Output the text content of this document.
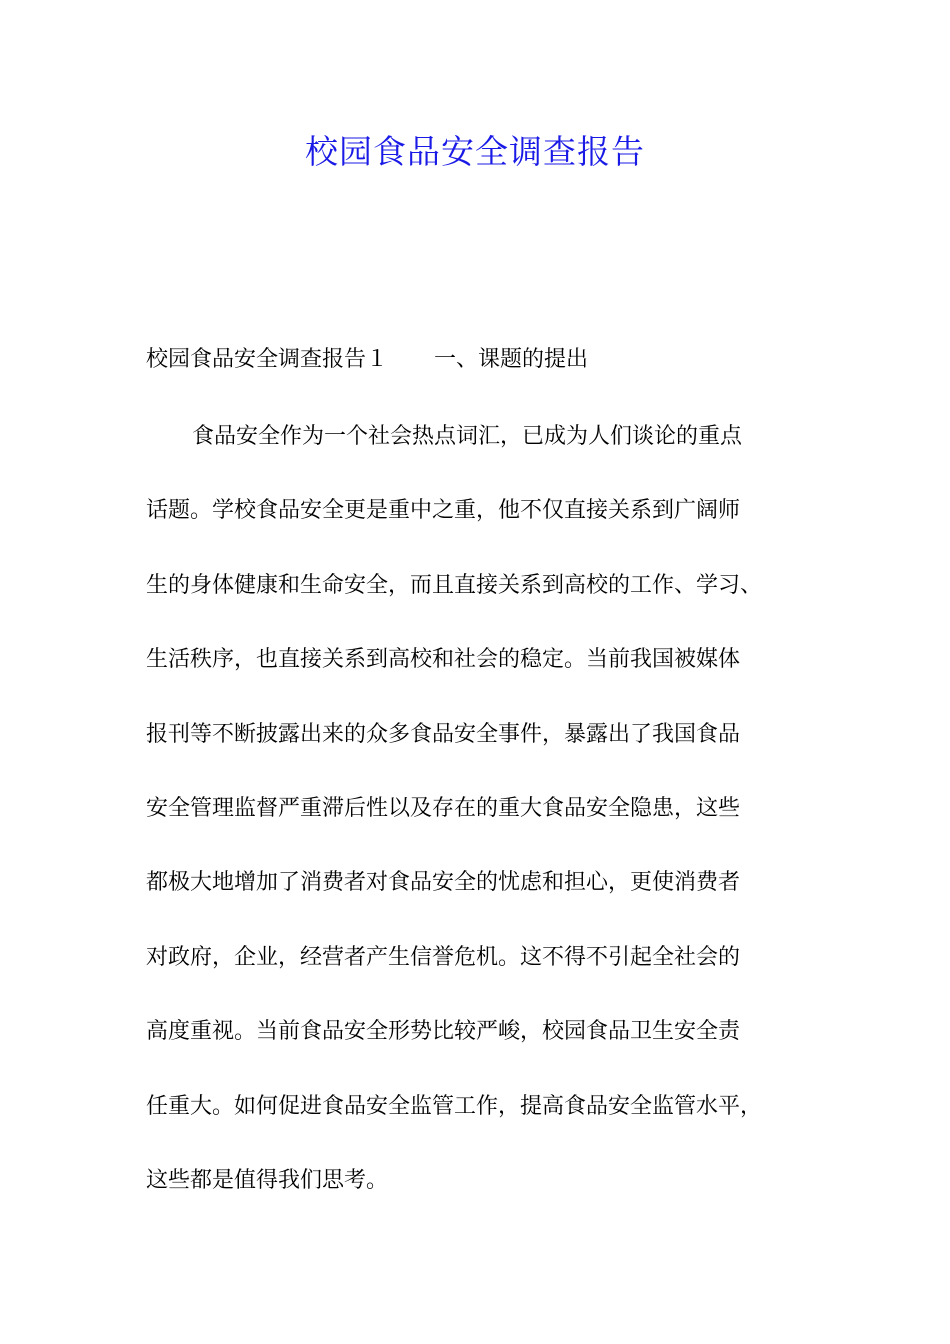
校园食品安全调查报告
校园食品安全调查报告１ 一、课题的提出
食品安全作为一个社会热点词汇，已成为人们谈论的重点
话题。学校食品安全更是重中之重，他不仅直接关系到广阔师
生的身体健康和生命安全，而且直接关系到高校的工作、学习、
生活秩序，也直接关系到高校和社会的稳定。当前我国被媒体
报刊等不断披露出来的众多食品安全事件，暴露出了我国食品
安全管理监督严重滞后性以及存在的重大食品安全隐患，这些
都极大地增加了消费者对食品安全的忧虑和担心，更使消费者
对政府，企业，经营者产生信誉危机。这不得不引起全社会的
高度重视。当前食品安全形势比较严峻，校园食品卫生安全责
任重大。如何促进食品安全监管工作，提高食品安全监管水平，
这些都是值得我们思考。
